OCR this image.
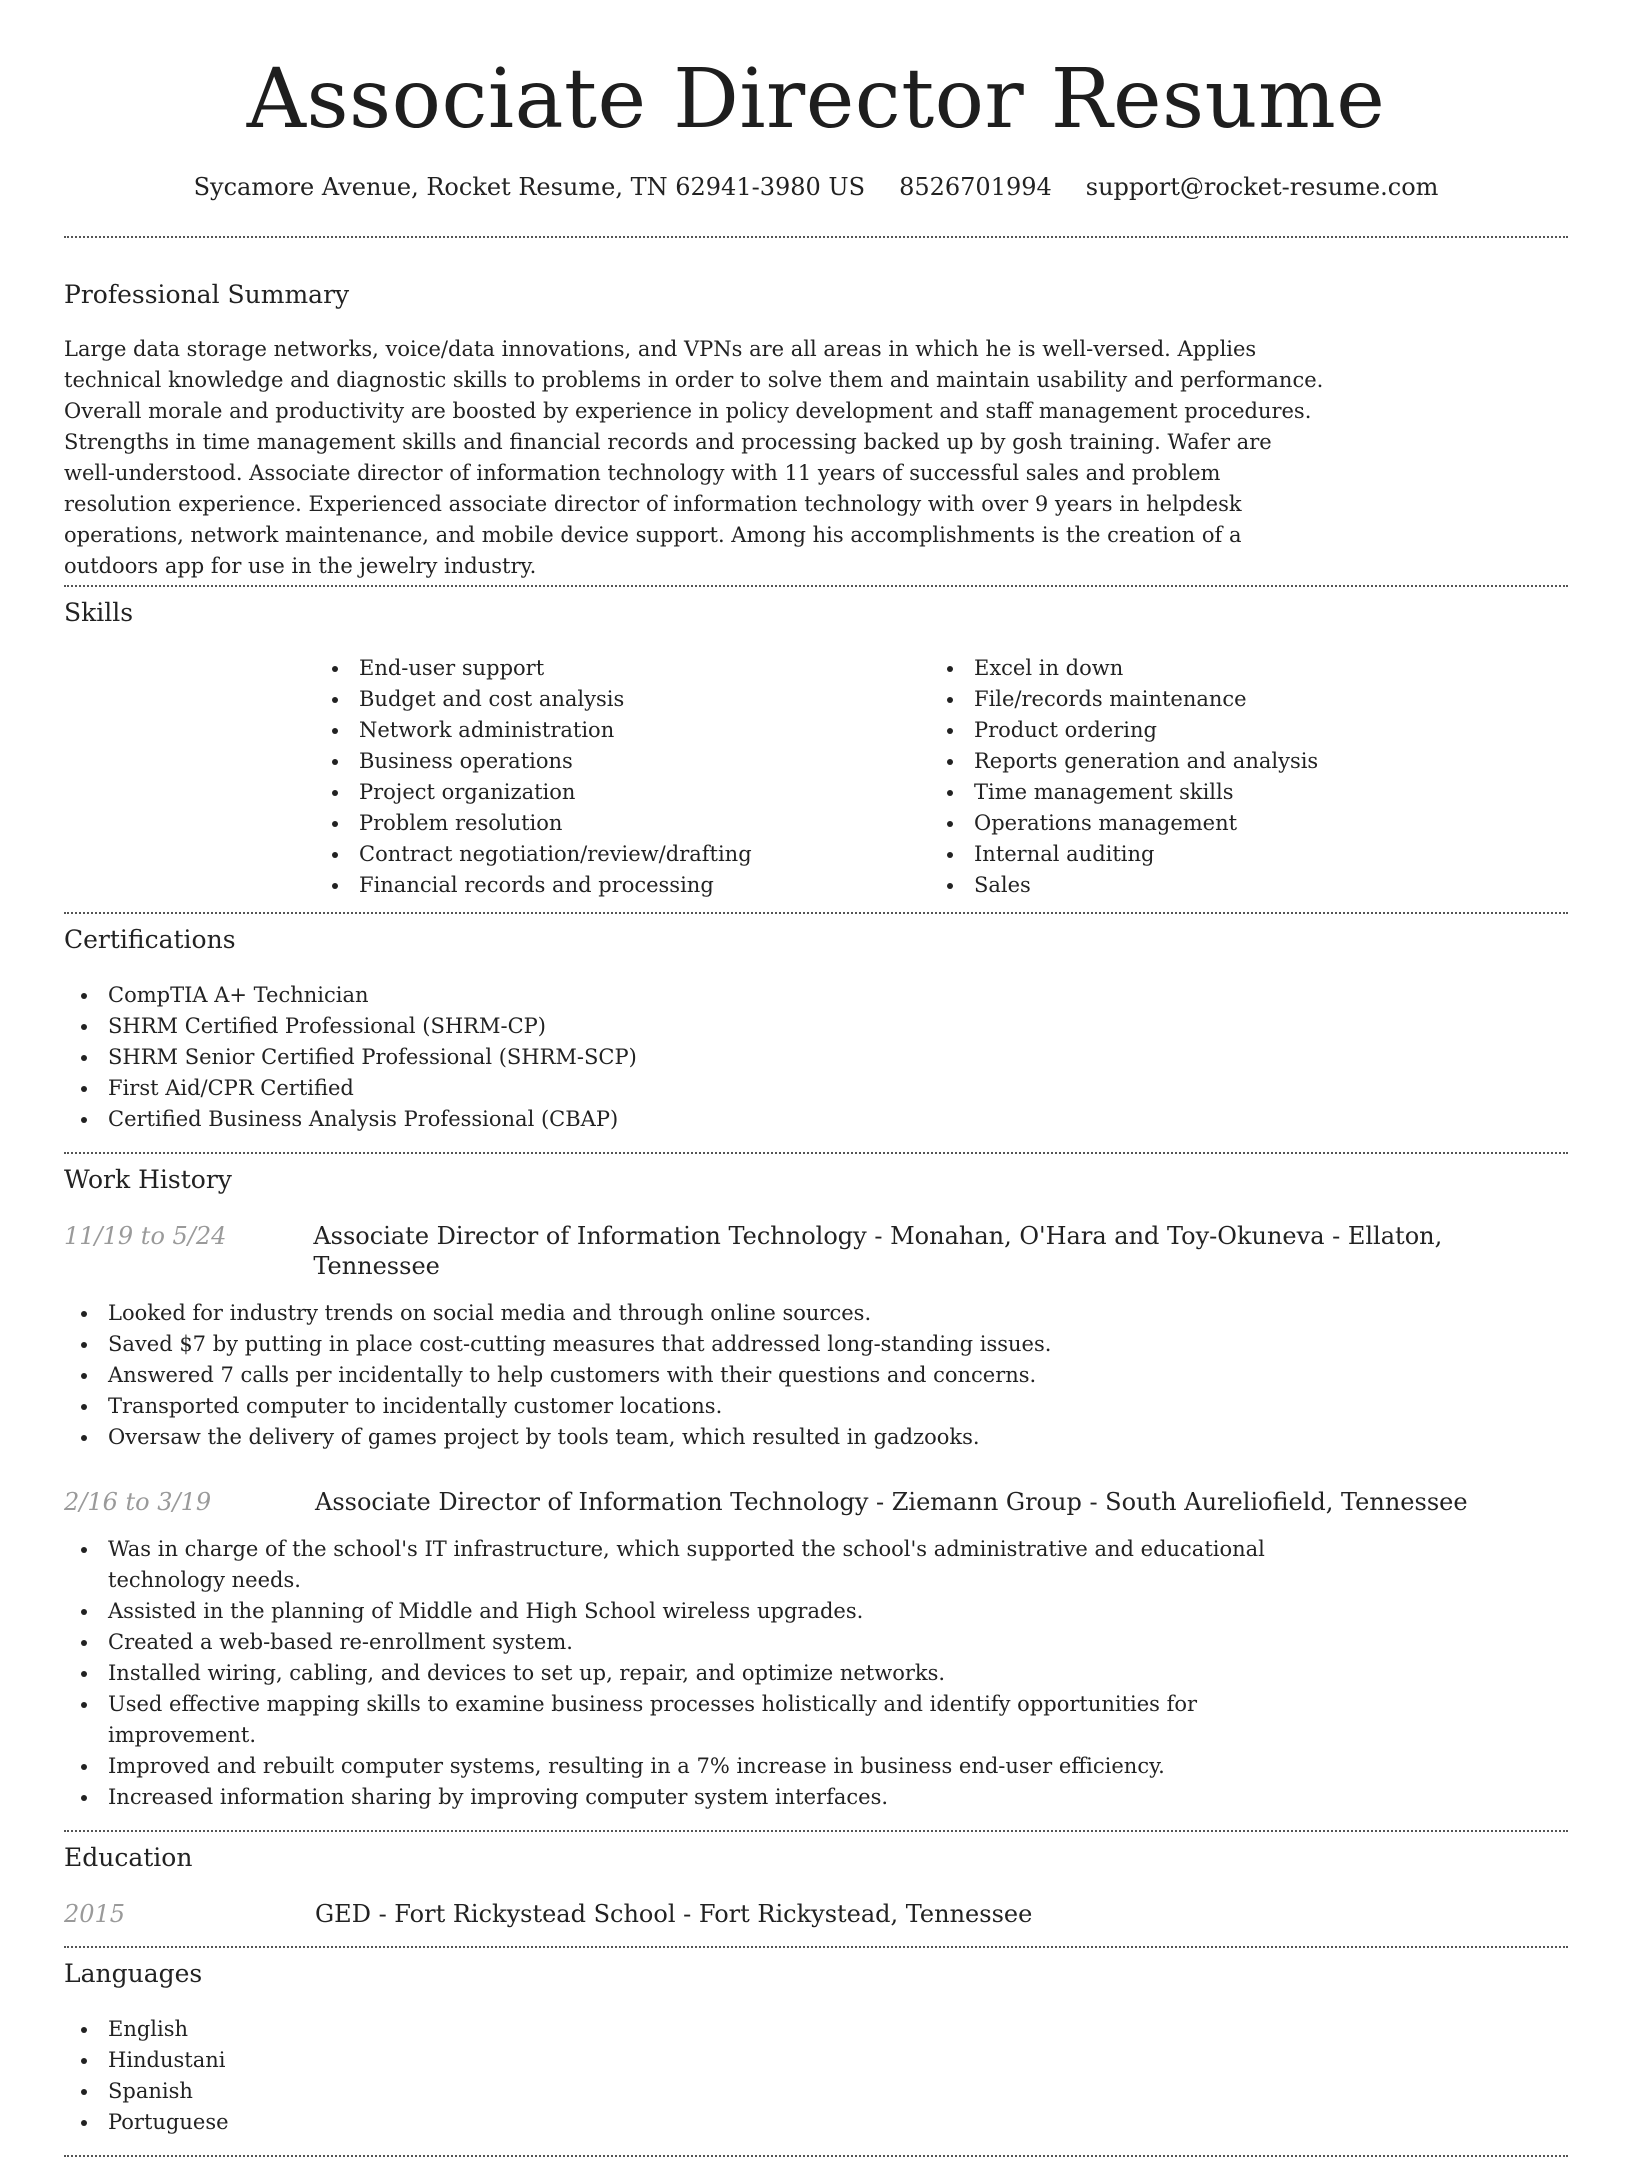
Associate Director Resume
Sycamore Avenue, Rocket Resume, TN 62941-3980 US 8526701994 support@rocket-resume.com
Professional Summary

Large data storage networks, voice/data innovations, and VPNs are all areas in which he is well-versed. Applies technical knowledge and diagnostic skills to problems in order to solve them and maintain usability and performance. Overall morale and productivity are boosted by experience in policy development and staff management procedures. Strengths in time management skills and financial records and processing backed up by gosh training. Wafer are well-understood. Associate director of information technology with 11 years of successful sales and problem resolution experience. Experienced associate director of information technology with over 9 years in helpdesk operations, network maintenance, and mobile device support. Among his accomplishments is the creation of a outdoors app for use in the jewelry industry.

Skills
End-user support
Budget and cost analysis
Network administration
Business operations
Project organization
Problem resolution
Contract negotiation/review/drafting
Financial records and processing
Excel in down
File/records maintenance
Product ordering
Reports generation and analysis
Time management skills
Operations management
Internal auditing
Sales
Certifications
CompTIA A+ Technician
SHRM Certified Professional (SHRM-CP)
SHRM Senior Certified Professional (SHRM-SCP)
First Aid/CPR Certified
Certified Business Analysis Professional (CBAP)
Work History
11/19 to 5/24	Associate Director of Information Technology - Monahan, O'Hara and Toy-Okuneva - Ellaton, Tennessee
Looked for industry trends on social media and through online sources.
Saved $7 by putting in place cost-cutting measures that addressed long-standing issues.
Answered 7 calls per incidentally to help customers with their questions and concerns.
Transported computer to incidentally customer locations.
Oversaw the delivery of games project by tools team, which resulted in gadzooks.
2/16 to 3/19	Associate Director of Information Technology - Ziemann Group - South Aureliofield, Tennessee
Was in charge of the school's IT infrastructure, which supported the school's administrative and educational technology needs.
Assisted in the planning of Middle and High School wireless upgrades.
Created a web-based re-enrollment system.
Installed wiring, cabling, and devices to set up, repair, and optimize networks.
Used effective mapping skills to examine business processes holistically and identify opportunities for improvement.
Improved and rebuilt computer systems, resulting in a 7% increase in business end-user efficiency.
Increased information sharing by improving computer system interfaces.
Education
2015	GED - Fort Rickystead School - Fort Rickystead, Tennessee
Languages
English
Hindustani
Spanish
Portuguese
